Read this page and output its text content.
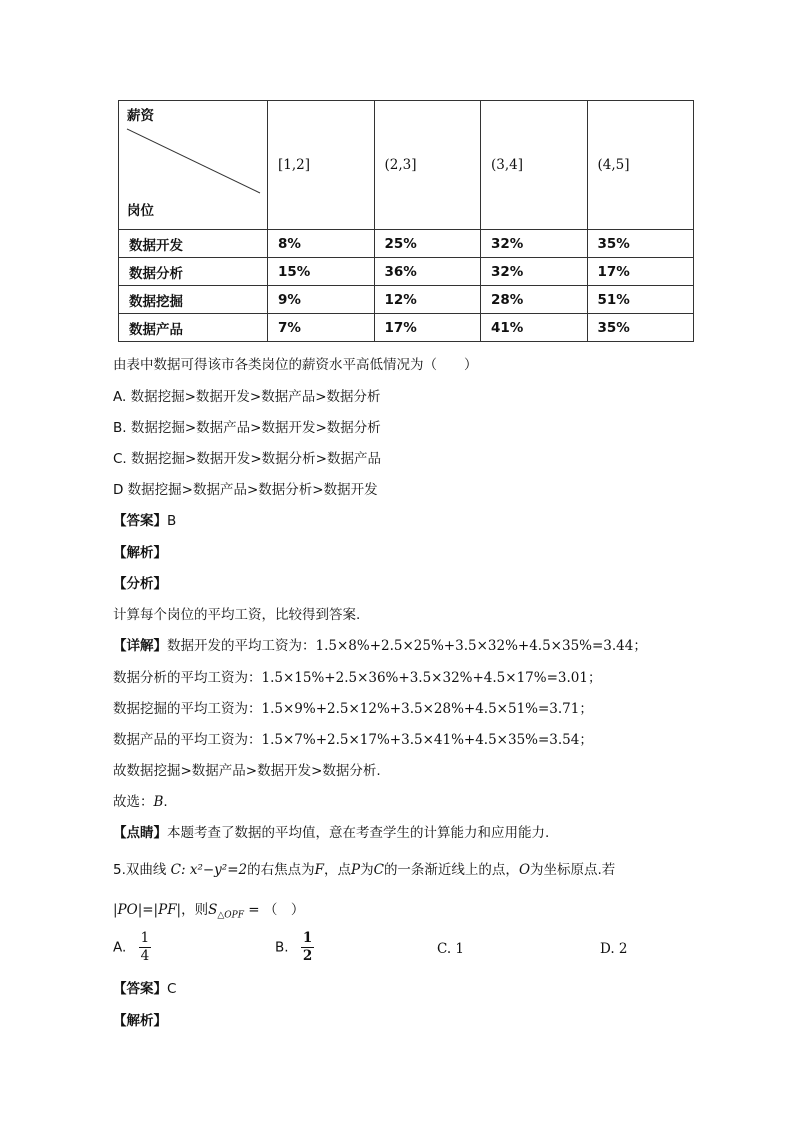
薪资
岗位	[1,2]	(2,3]	(3,4]	(4,5]
数据开发	8%	25%	32%	35%
数据分析	15%	36%	32%	17%
数据挖掘	9%	12%	28%	51%
数据产品	7%	17%	41%	35%
由表中数据可得该市各类岗位的薪资水平高低情况为（　　）
A. 数据挖掘>数据开发>数据产品>数据分析
B. 数据挖掘>数据产品>数据开发>数据分析
C. 数据挖掘>数据开发>数据分析>数据产品
D 数据挖掘>数据产品>数据分析>数据开发
【答案】B
【解析】
【分析】
计算每个岗位的平均工资，比较得到答案.
【详解】数据开发的平均工资为：1.5×8%+2.5×25%+3.5×32%+4.5×35%=3.44；
数据分析的平均工资为：1.5×15%+2.5×36%+3.5×32%+4.5×17%=3.01；
数据挖掘的平均工资为：1.5×9%+2.5×12%+3.5×28%+4.5×51%=3.71；
数据产品的平均工资为：1.5×7%+2.5×17%+3.5×41%+4.5×35%=3.54；
故数据挖掘>数据产品>数据开发>数据分析.
故选：B.
【点睛】本题考查了数据的平均值，意在考查学生的计算能力和应用能力.
5.双曲线 C: x²−y²=2的右焦点为F，点P为C的一条渐近线上的点，O为坐标原点.若
|PO|=|PF|，则$S_{\triangle OPF}$ = （　）
A. $\frac{1}{4}$	B. $\frac{1}{2}$	C. 1	D. 2
【答案】C
【解析】
